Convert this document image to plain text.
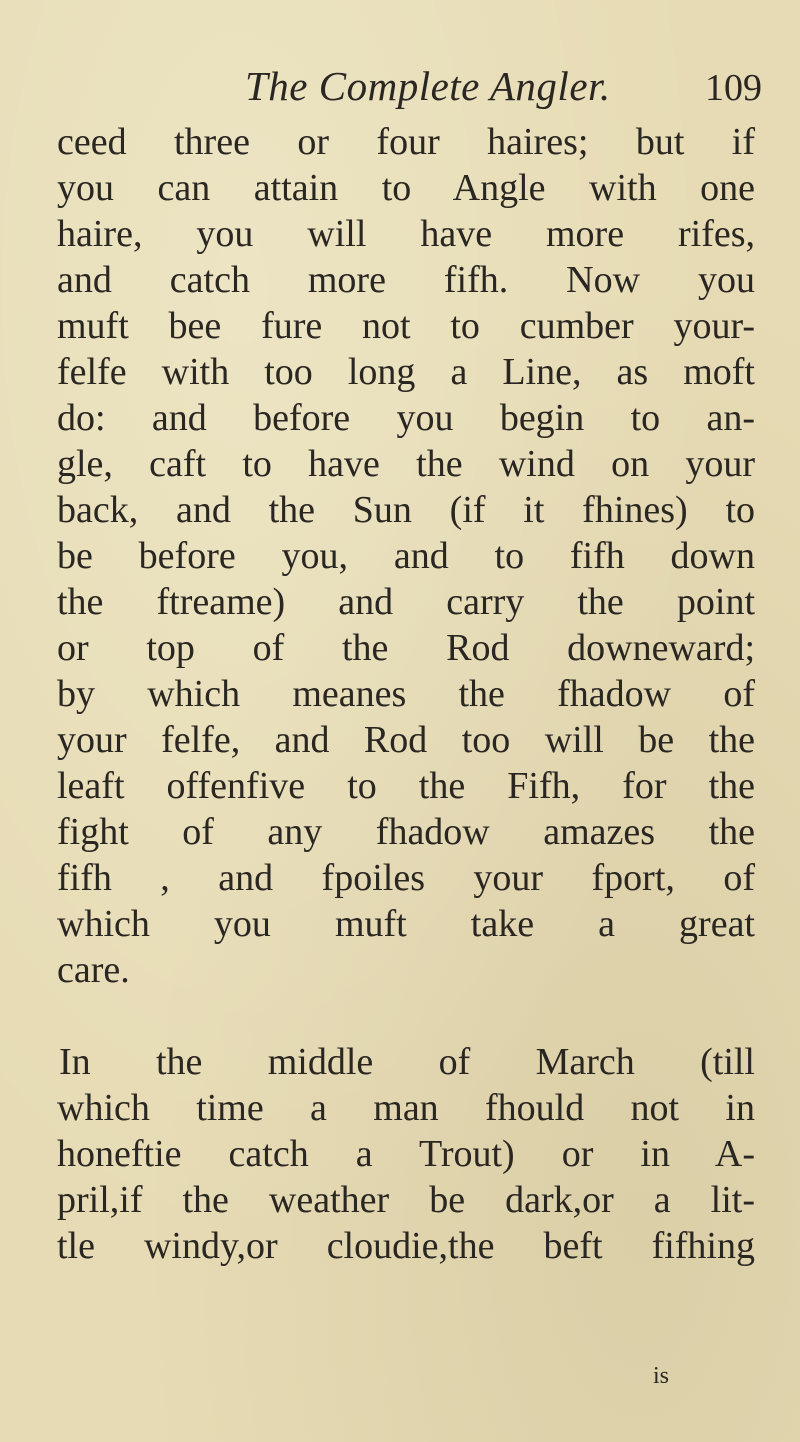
The Complete Angler. 109
ceed three or four haires; but if
you can attain to Angle with one
haire, you will have more rifes,
and catch more fifh. Now you
muft bee fure not to cumber your-
felfe with too long a Line, as moft
do: and before you begin to an-
gle, caft to have the wind on your
back, and the Sun (if it fhines) to
be before you, and to fifh down
the ftreame) and carry the point
or top of the Rod downeward;
by which meanes the fhadow of
your felfe, and Rod too will be the
leaft offenfive to the Fifh, for the
fight of any fhadow amazes the
fifh , and fpoiles your fport, of
which you muft take a great
care.
In the middle of March (till
which time a man fhould not in
honeftie catch a Trout) or in A-
pril,if the weather be dark,or a lit-
tle windy,or cloudie,the beft fifhing
is
